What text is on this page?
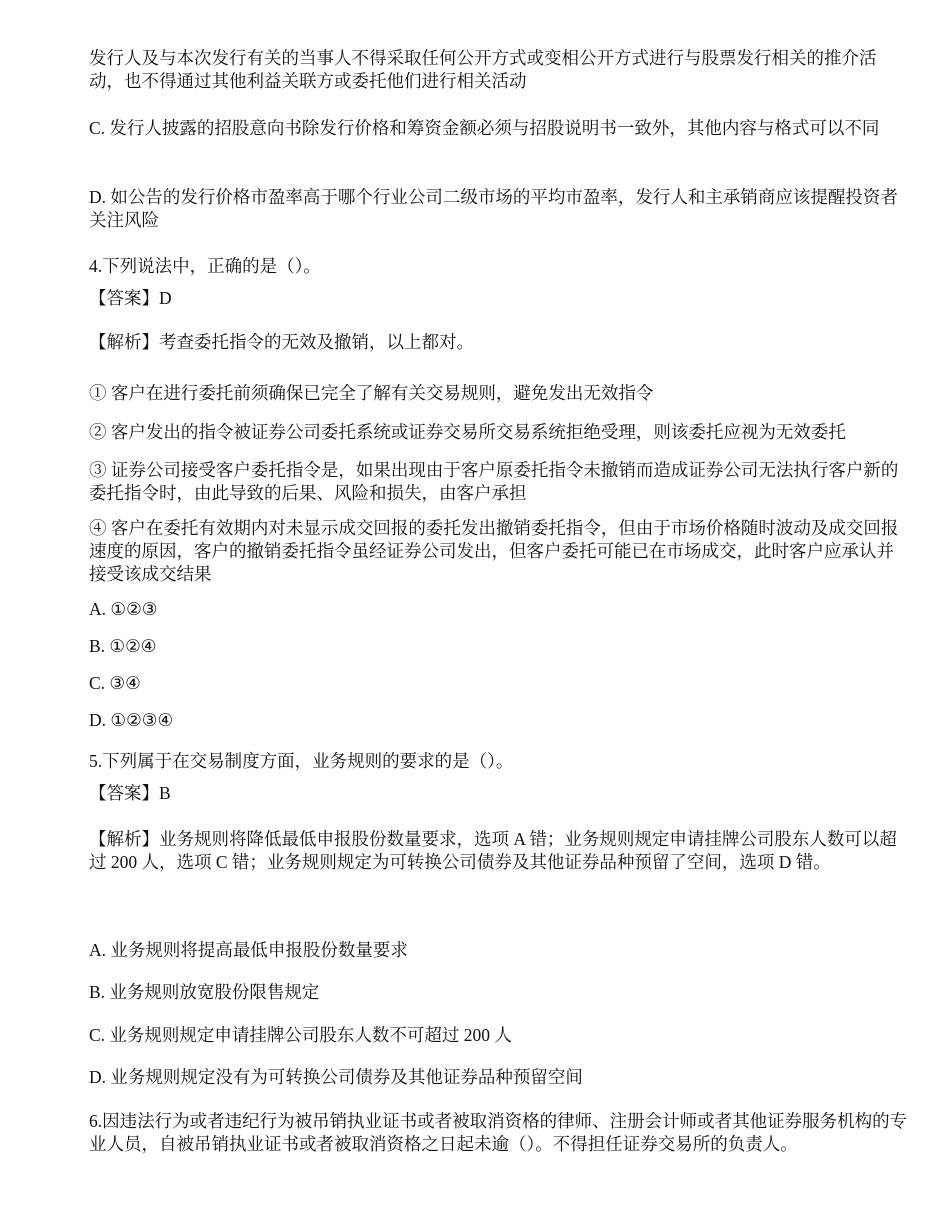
发行人及与本次发行有关的当事人不得采取任何公开方式或变相公开方式进行与股票发行相关的推介活动，也不得通过其他利益关联方或委托他们进行相关活动

C. 发行人披露的招股意向书除发行价格和筹资金额必须与招股说明书一致外，其他内容与格式可以不同

D. 如公告的发行价格市盈率高于哪个行业公司二级市场的平均市盈率，发行人和主承销商应该提醒投资者关注风险

4.下列说法中，正确的是（）。

【答案】D

【解析】考查委托指令的无效及撤销，以上都对。

① 客户在进行委托前须确保已完全了解有关交易规则，避免发出无效指令

② 客户发出的指令被证券公司委托系统或证券交易所交易系统拒绝受理，则该委托应视为无效委托

③ 证券公司接受客户委托指令是，如果出现由于客户原委托指令未撤销而造成证券公司无法执行客户新的委托指令时，由此导致的后果、风险和损失，由客户承担

④ 客户在委托有效期内对未显示成交回报的委托发出撤销委托指令，但由于市场价格随时波动及成交回报速度的原因，客户的撤销委托指令虽经证券公司发出，但客户委托可能已在市场成交，此时客户应承认并接受该成交结果

A. ①②③

B. ①②④

C. ③④

D. ①②③④

5.下列属于在交易制度方面，业务规则的要求的是（）。

【答案】B

【解析】业务规则将降低最低申报股份数量要求，选项 A 错；业务规则规定申请挂牌公司股东人数可以超过 200 人，选项 C 错；业务规则规定为可转换公司债券及其他证券品种预留了空间，选项 D 错。

A. 业务规则将提高最低申报股份数量要求

B. 业务规则放宽股份限售规定

C. 业务规则规定申请挂牌公司股东人数不可超过 200 人

D. 业务规则规定没有为可转换公司债券及其他证券品种预留空间

6.因违法行为或者违纪行为被吊销执业证书或者被取消资格的律师、注册会计师或者其他证券服务机构的专业人员，自被吊销执业证书或者被取消资格之日起未逾（）。不得担任证券交易所的负责人。
